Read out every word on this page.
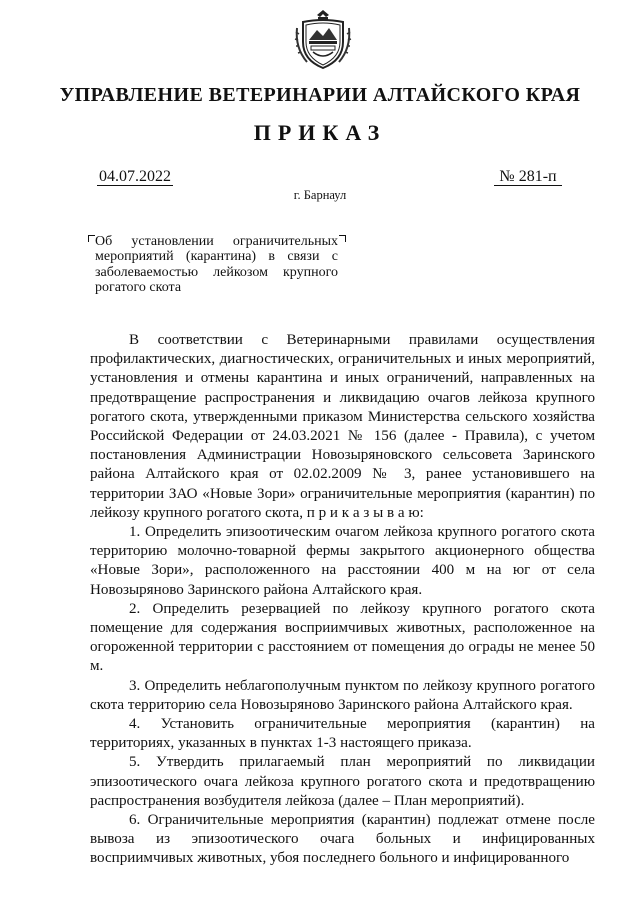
УПРАВЛЕНИЕ ВЕТЕРИНАРИИ АЛТАЙСКОГО КРАЯ
ПРИКАЗ
04.07.2022	№ 281-п
г. Барнаул
Об установлении ограничительных мероприятий (карантина) в связи с заболеваемостью лейкозом крупного рогатого скота

В соответствии с Ветеринарными правилами осуществления профилактических, диагностических, ограничительных и иных мероприятий, установления и отмены карантина и иных ограничений, направленных на предотвращение распространения и ликвидацию очагов лейкоза крупного рогатого скота, утвержденными приказом Министерства сельского хозяйства Российской Федерации от 24.03.2021 № 156 (далее - Правила), с учетом постановления Администрации Новозыряновского сельсовета Заринского района Алтайского края от 02.02.2009 № 3, ранее установившего на территории ЗАО «Новые Зори» ограничительные мероприятия (карантин) по лейкозу крупного рогатого скота, п р и к а з ы в а ю:

1. Определить эпизоотическим очагом лейкоза крупного рогатого скота территорию молочно-товарной фермы закрытого акционерного общества «Новые Зори», расположенного на расстоянии 400 м на юг от села Новозыряново Заринского района Алтайского края.

2. Определить резервацией по лейкозу крупного рогатого скота помещение для содержания восприимчивых животных, расположенное на огороженной территории с расстоянием от помещения до ограды не менее 50 м.

3. Определить неблагополучным пунктом по лейкозу крупного рогатого скота территорию села Новозыряново Заринского района Алтайского края.

4. Установить ограничительные мероприятия (карантин) на территориях, указанных в пунктах 1-3 настоящего приказа.

5. Утвердить прилагаемый план мероприятий по ликвидации эпизоотического очага лейкоза крупного рогатого скота и предотвращению распространения возбудителя лейкоза (далее – План мероприятий).

6. Ограничительные мероприятия (карантин) подлежат отмене после вывоза из эпизоотического очага больных и инфицированных восприимчивых животных, убоя последнего больного и инфицированного
